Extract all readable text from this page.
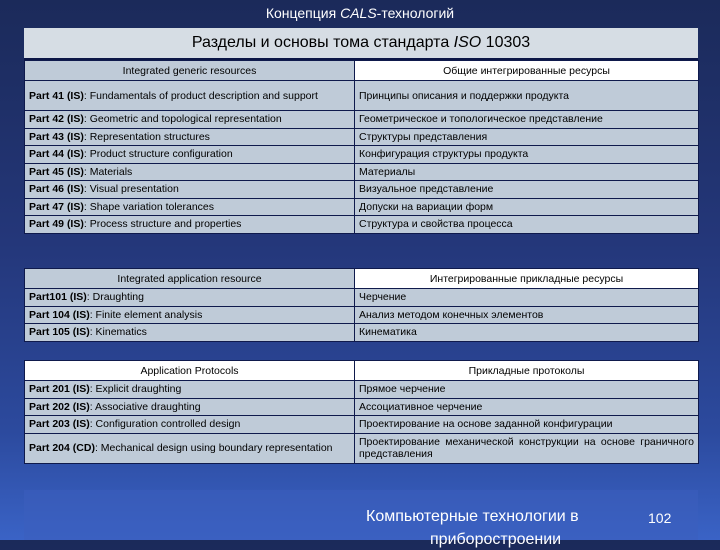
Концепция CALS-технологий
Разделы и основы тома стандарта ISO 10303
Integrated generic resources	Общие интегрированные ресурсы
Part 41 (IS): Fundamentals of product description and support	Принципы описания и поддержки продукта
Part 42 (IS): Geometric and topological representation	Геометрическое и топологическое представление
Part 43 (IS): Representation structures	Структуры представления
Part 44 (IS): Product structure configuration	Конфигурация структуры продукта
Part 45 (IS): Materials	Материалы
Part 46 (IS): Visual presentation	Визуальное представление
Part 47 (IS): Shape variation tolerances	Допуски на вариации форм
Part 49 (IS): Process structure and properties	Структура и свойства процесса
Integrated application resource	Интегрированные прикладные ресурсы
Part101 (IS): Draughting	Черчение
Part 104 (IS): Finite element analysis	Анализ методом конечных элементов
Part 105 (IS): Kinematics	Кинематика
Application Protocols	Прикладные протоколы
Part 201 (IS): Explicit draughting	Прямое черчение
Part 202 (IS): Associative draughting	Ассоциативное черчение
Part 203 (IS): Configuration controlled design	Проектирование на основе заданной конфигурации
Part 204 (CD): Mechanical design using boundary representation	Проектирование механической конструкции на основе граничного представления
Компьютерные технологии в
приборостроении
102
